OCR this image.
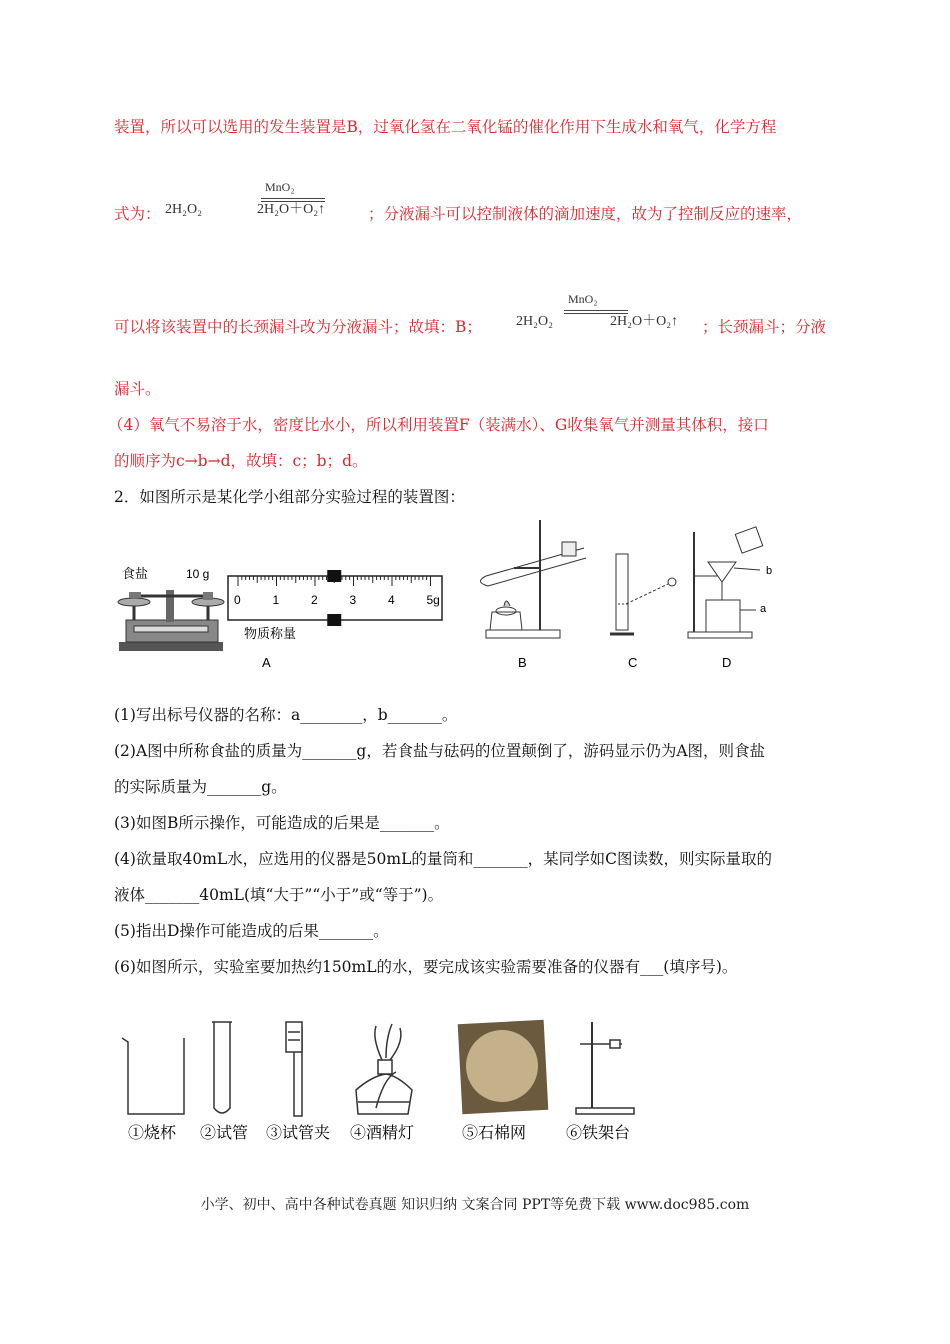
装置，所以可以选用的发生装置是B，过氧化氢在二氧化锰的催化作用下生成水和氧气，化学方程
式为：
MnO₂
2H₂O₂	2H₂O＋O₂↑	；分液漏斗可以控制液体的滴加速度，故为了控制反应的速率，
可以将该装置中的长颈漏斗改为分液漏斗；故填：B；
MnO₂
2H₂O₂	2H₂O＋O₂↑ ；长颈漏斗；分液
漏斗。
（4）氧气不易溶于水，密度比水小，所以利用装置F（装满水）、G收集氧气并测量其体积，接口
的顺序为c→b→d，故填：c；b；d。
2．如图所示是某化学小组部分实验过程的装置图：
食盐	10 g
0	1	2	3	4	5g
物质称量
A	B	C
a
b
D
(1)写出标号仪器的名称：a________，b_______。
(2)A图中所称食盐的质量为_______g，若食盐与砝码的位置颠倒了，游码显示仍为A图，则食盐
的实际质量为_______g。
(3)如图B所示操作，可能造成的后果是_______。
(4)欲量取40mL水，应选用的仪器是50mL的量筒和_______，某同学如C图读数，则实际量取的
液体_______40mL(填“大于”“小于”或“等于”)。
(5)指出D操作可能造成的后果_______。
(6)如图所示，实验室要加热约150mL的水，要完成该实验需要准备的仪器有___(填序号)。
①烧杯 ②试管 ③试管夹 ④酒精灯	⑤石棉网 ⑥铁架台
小学、初中、高中各种试卷真题 知识归纳 文案合同 PPT等免费下载 www.doc985.com
